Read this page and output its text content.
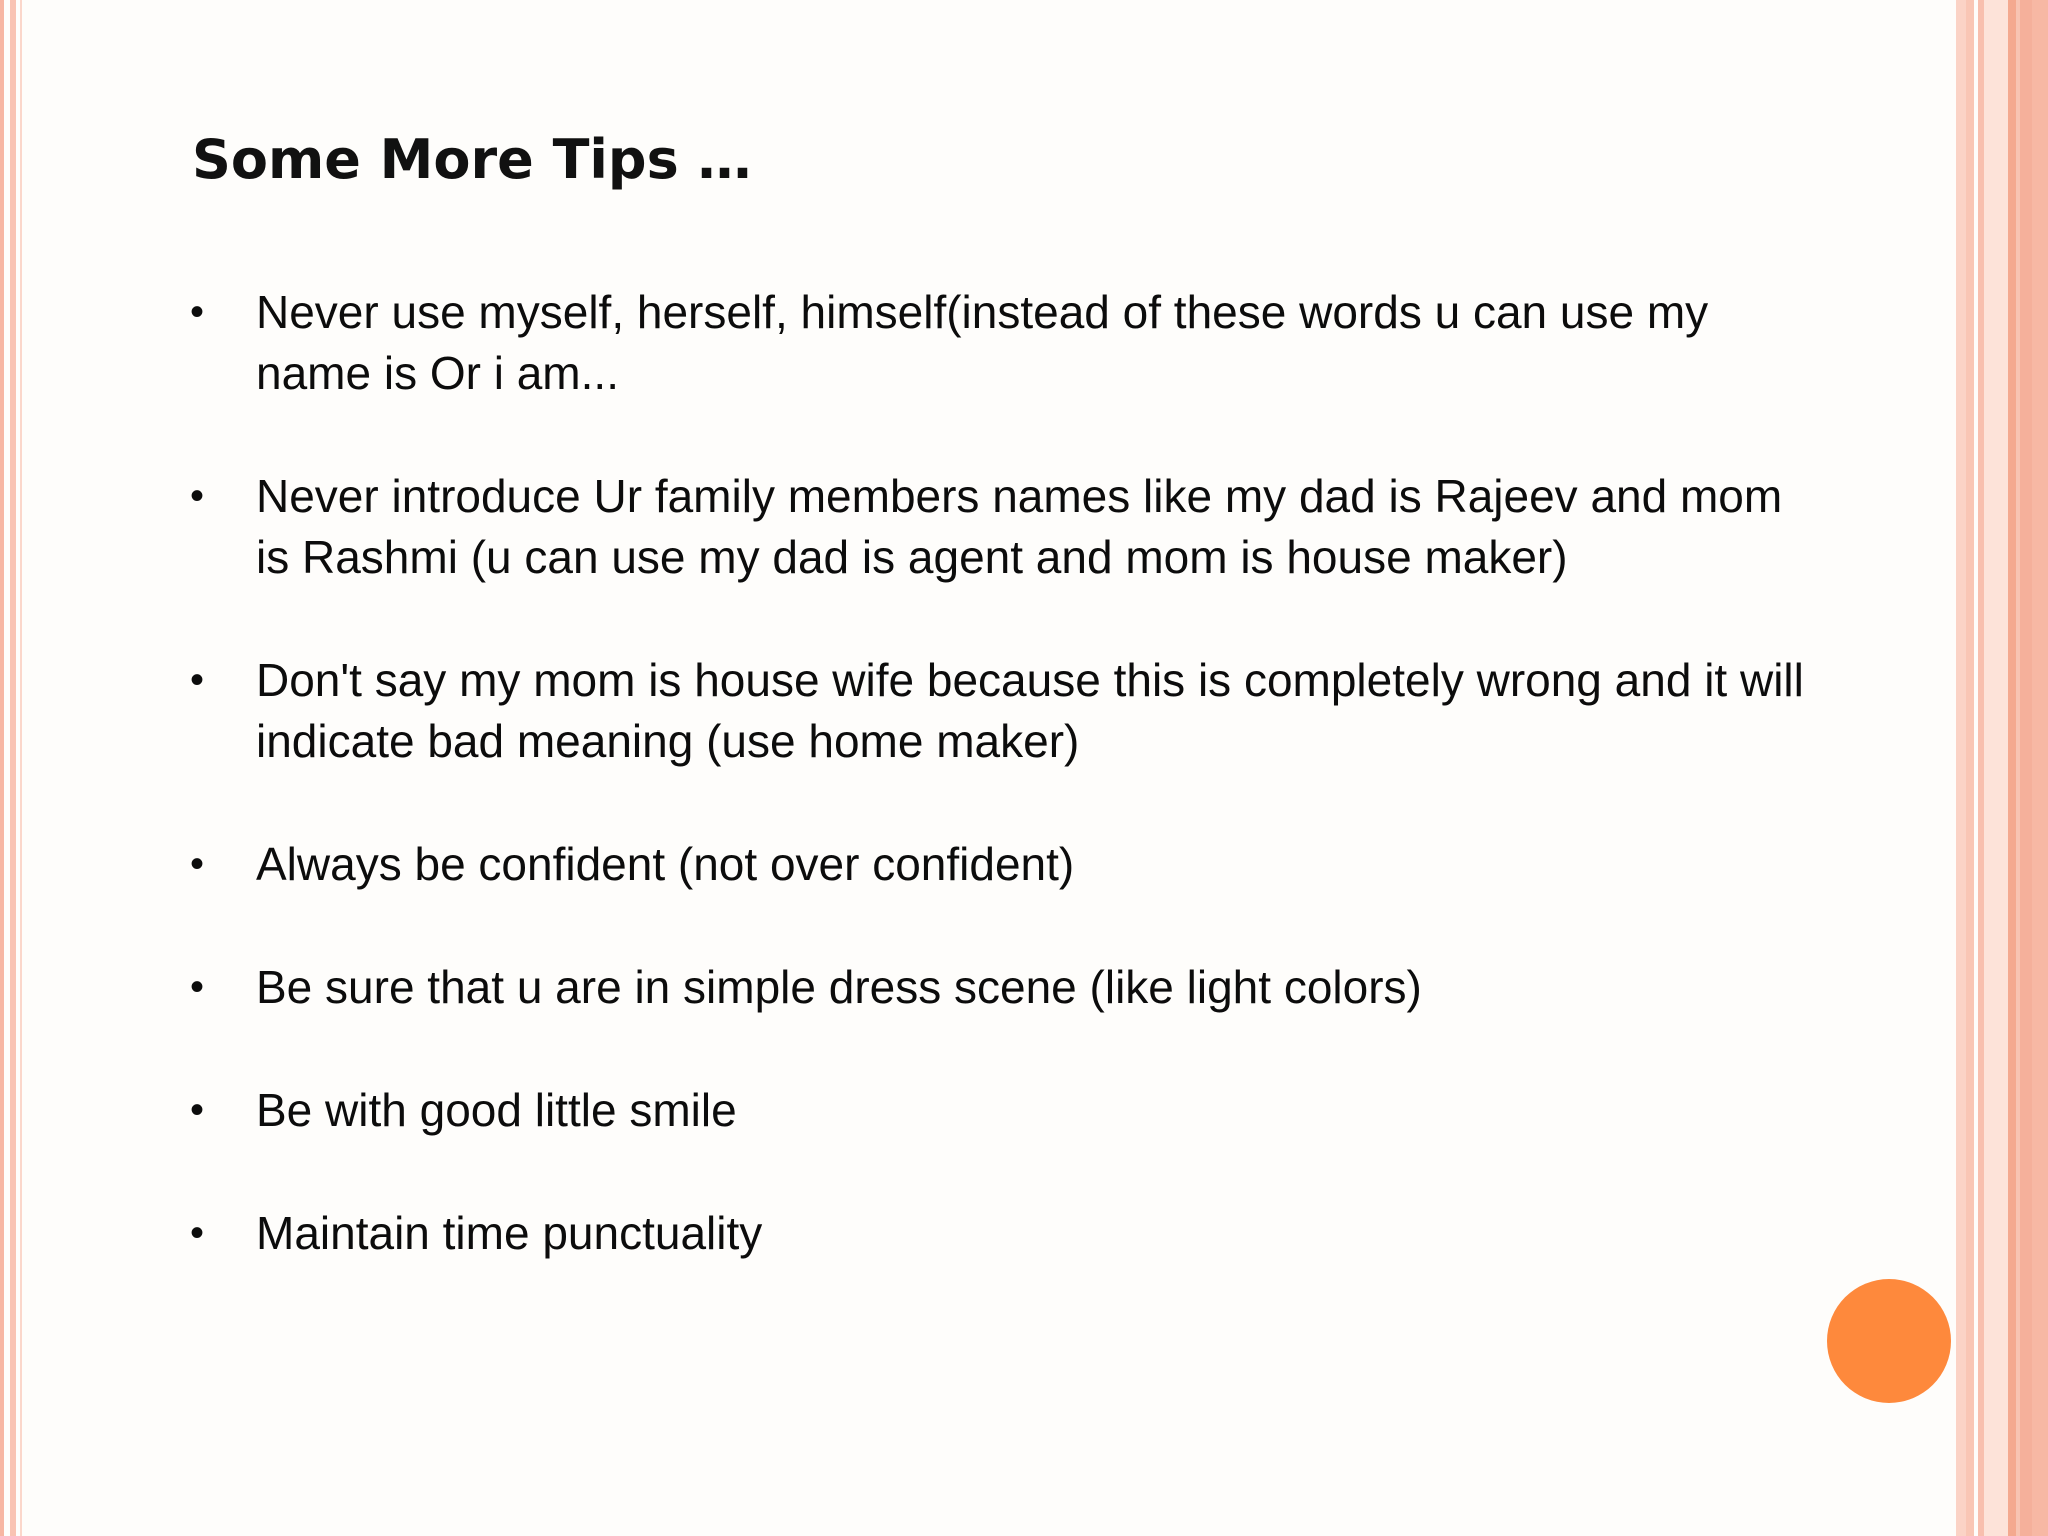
Some More Tips …
• Never use myself, herself, himself(instead of these words u can use my name is Or i am...
• Never introduce Ur family members names like my dad is Rajeev and mom is Rashmi (u can use my dad is agent and mom is house maker)
• Don't say my mom is house wife because this is completely wrong and it will indicate bad meaning (use home maker)
• Always be confident (not over confident)
• Be sure that u are in simple dress scene (like light colors)
• Be with good little smile
• Maintain time punctuality
